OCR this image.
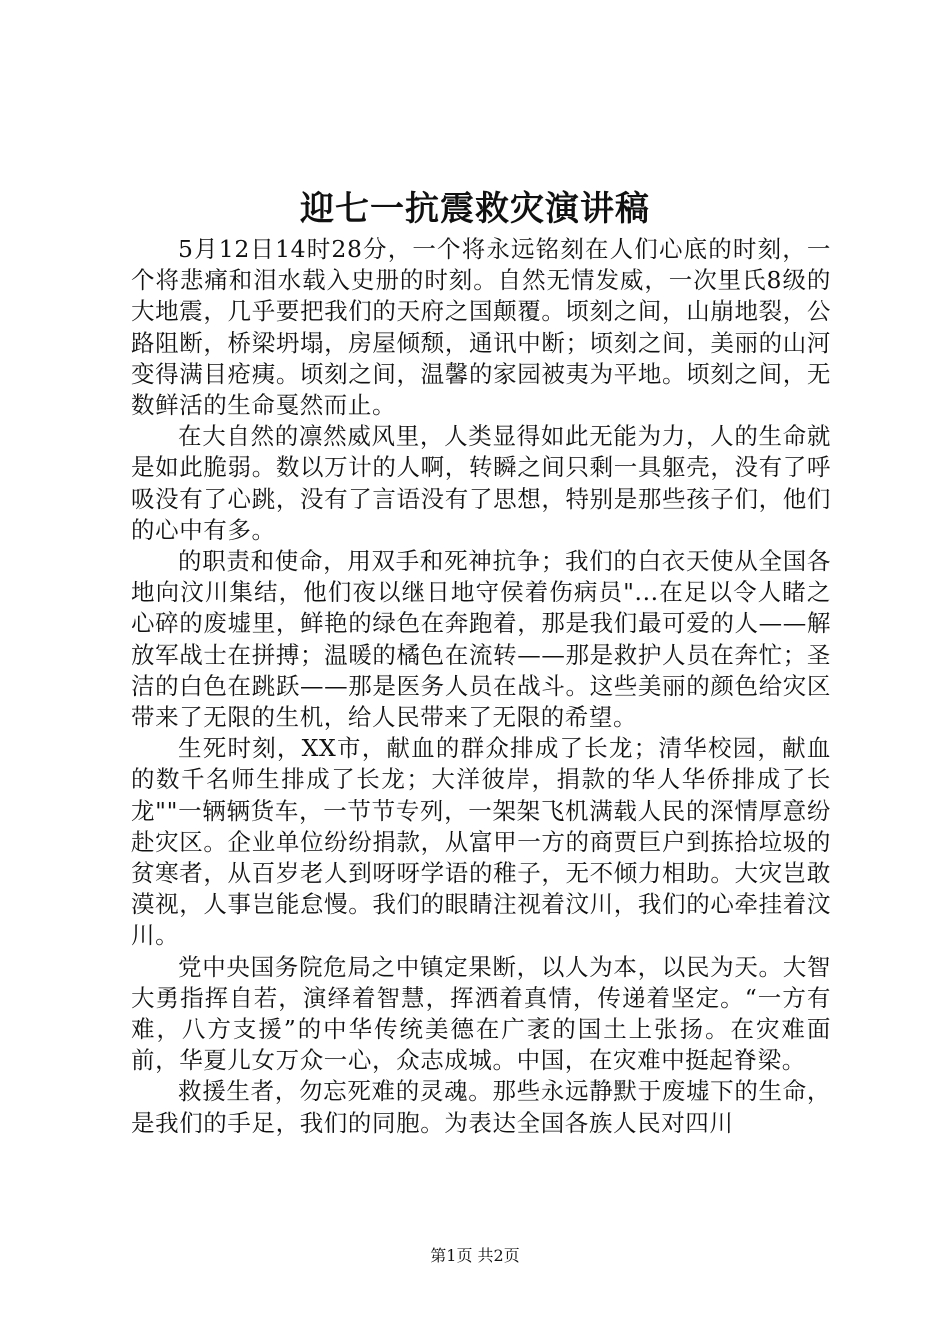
迎七一抗震救灾演讲稿

5月12日14时28分，一个将永远铭刻在人们心底的时刻，一个将悲痛和泪水载入史册的时刻。自然无情发威，一次里氏8级的大地震，几乎要把我们的天府之国颠覆。顷刻之间，山崩地裂，公路阻断，桥梁坍塌，房屋倾颓，通讯中断；顷刻之间，美丽的山河变得满目疮痍。顷刻之间，温馨的家园被夷为平地。顷刻之间，无数鲜活的生命戛然而止。

在大自然的凛然威风里，人类显得如此无能为力，人的生命就是如此脆弱。数以万计的人啊，转瞬之间只剩一具躯壳，没有了呼吸没有了心跳，没有了言语没有了思想，特别是那些孩子们，他们的心中有多。

的职责和使命，用双手和死神抗争；我们的白衣天使从全国各地向汶川集结，他们夜以继日地守侯着伤病员"...在足以令人睹之心碎的废墟里，鲜艳的绿色在奔跑着，那是我们最可爱的人——解放军战士在拼搏；温暖的橘色在流转——那是救护人员在奔忙；圣洁的白色在跳跃——那是医务人员在战斗。这些美丽的颜色给灾区带来了无限的生机，给人民带来了无限的希望。

生死时刻，XX市，献血的群众排成了长龙；清华校园，献血的数千名师生排成了长龙；大洋彼岸，捐款的华人华侨排成了长龙""一辆辆货车，一节节专列，一架架飞机满载人民的深情厚意纷赴灾区。企业单位纷纷捐款，从富甲一方的商贾巨户到拣拾垃圾的贫寒者，从百岁老人到呀呀学语的稚子，无不倾力相助。大灾岂敢漠视，人事岂能怠慢。我们的眼睛注视着汶川，我们的心牵挂着汶川。

党中央国务院危局之中镇定果断，以人为本，以民为天。大智大勇指挥自若，演绎着智慧，挥洒着真情，传递着坚定。“一方有难，八方支援”的中华传统美德在广袤的国土上张扬。在灾难面前，华夏儿女万众一心，众志成城。中国，在灾难中挺起脊梁。

救援生者，勿忘死难的灵魂。那些永远静默于废墟下的生命，是我们的手足，我们的同胞。为表达全国各族人民对四川

第1页 共2页
